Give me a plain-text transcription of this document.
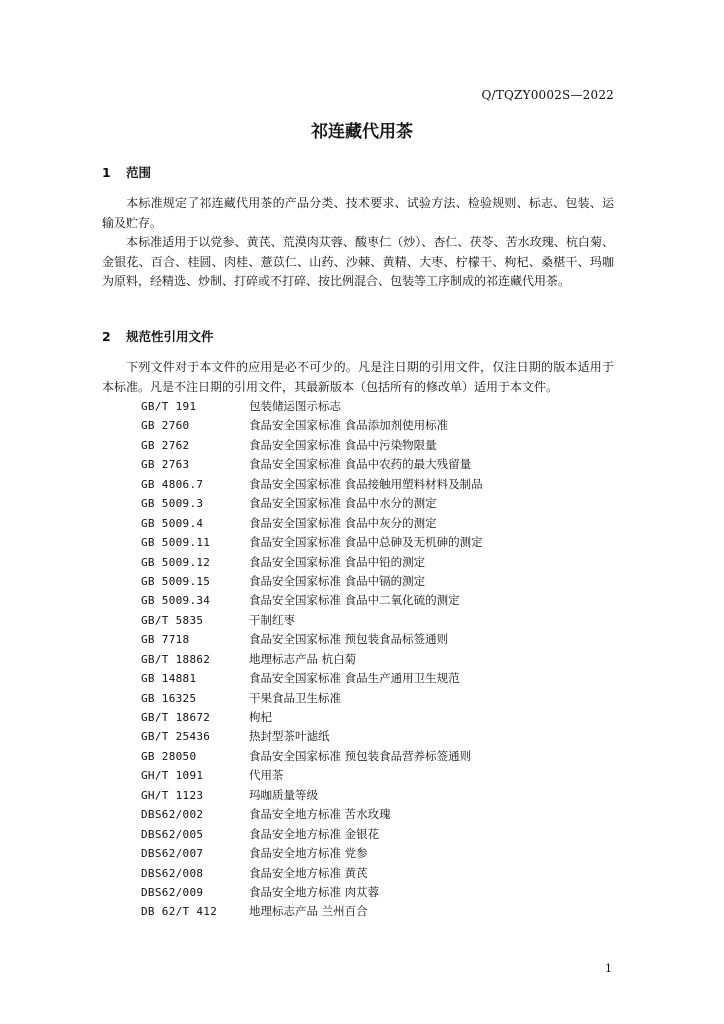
Q/TQZY0002S—2022
祁连藏代用茶
1 范围
本标准规定了祁连藏代用茶的产品分类、技术要求、试验方法、检验规则、标志、包装、运输及贮存。
本标准适用于以党参、黄芪、荒漠肉苁蓉、酸枣仁（炒）、杏仁、茯苓、苦水玫瑰、杭白菊、金银花、百合、桂圆、肉桂、薏苡仁、山药、沙棘、黄精、大枣、柠檬干、枸杞、桑椹干、玛咖为原料，经精选、炒制、打碎或不打碎、按比例混合、包装等工序制成的祁连藏代用茶。
2 规范性引用文件
下列文件对于本文件的应用是必不可少的。凡是注日期的引用文件，仅注日期的版本适用于本标准。凡是不注日期的引用文件，其最新版本（包括所有的修改单）适用于本文件。
GB/T 191	包装储运图示标志
GB 2760	食品安全国家标准 食品添加剂使用标准
GB 2762	食品安全国家标准 食品中污染物限量
GB 2763	食品安全国家标准 食品中农药的最大残留量
GB 4806.7	食品安全国家标准 食品接触用塑料材料及制品
GB 5009.3	食品安全国家标准 食品中水分的测定
GB 5009.4	食品安全国家标准 食品中灰分的测定
GB 5009.11	食品安全国家标准 食品中总砷及无机砷的测定
GB 5009.12	食品安全国家标准 食品中铅的测定
GB 5009.15	食品安全国家标准 食品中镉的测定
GB 5009.34	食品安全国家标准 食品中二氧化硫的测定
GB/T 5835	干制红枣
GB 7718	食品安全国家标准 预包装食品标签通则
GB/T 18862	地理标志产品 杭白菊
GB 14881	食品安全国家标准 食品生产通用卫生规范
GB 16325	干果食品卫生标准
GB/T 18672	枸杞
GB/T 25436	热封型茶叶滤纸
GB 28050	食品安全国家标准 预包装食品营养标签通则
GH/T 1091	代用茶
GH/T 1123	玛咖质量等级
DBS62/002	食品安全地方标准 苦水玫瑰
DBS62/005	食品安全地方标准 金银花
DBS62/007	食品安全地方标准 党参
DBS62/008	食品安全地方标准 黄芪
DBS62/009	食品安全地方标准 肉苁蓉
DB 62/T 412	地理标志产品 兰州百合
1
